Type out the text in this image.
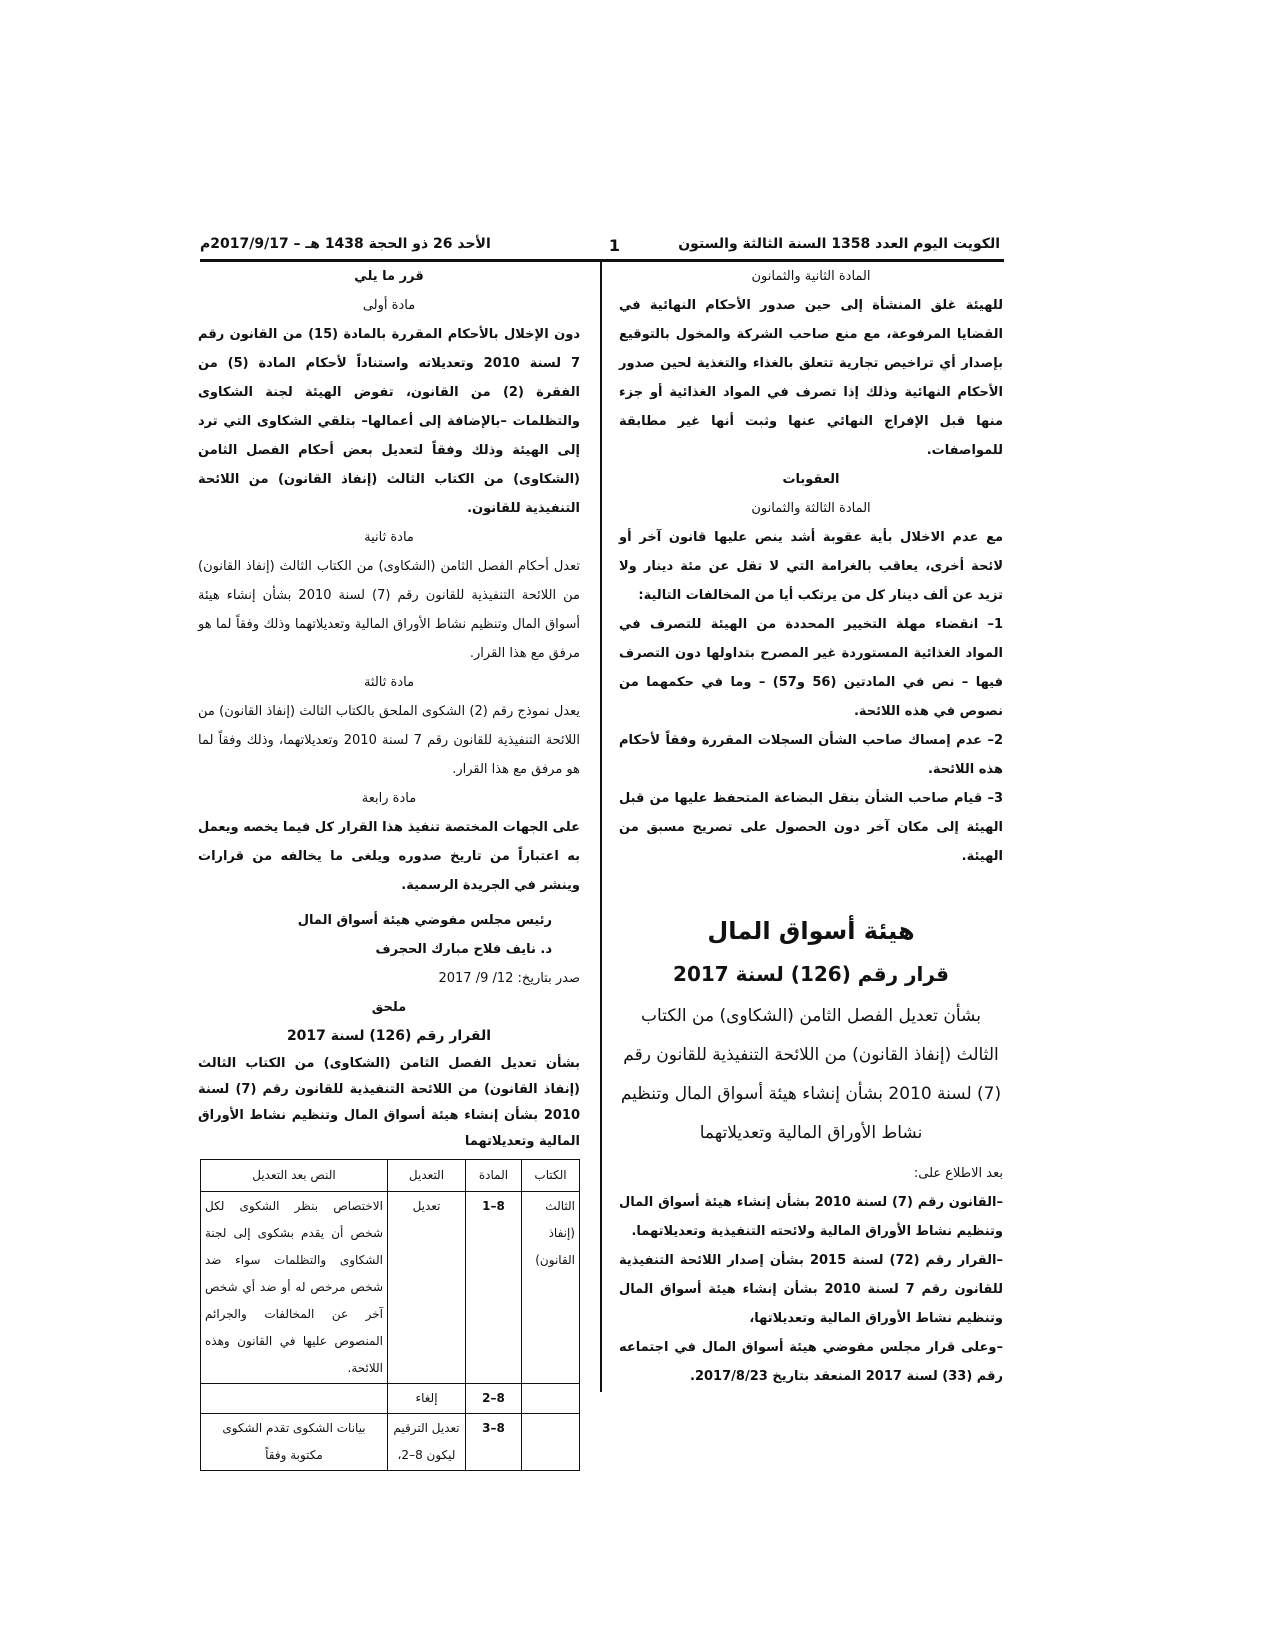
الكويت اليوم العدد 1358 السنة الثالثة والستون
1
الأحد 26 ذو الحجة 1438 هـ – 2017/9/17م

المادة الثانية والثمانون

للهيئة غلق المنشأة إلى حين صدور الأحكام النهائية في القضايا المرفوعة، مع منع صاحب الشركة والمخول بالتوقيع بإصدار أي تراخيص تجارية تتعلق بالغذاء والتغذية لحين صدور الأحكام النهائية وذلك إذا تصرف في المواد الغذائية أو جزء منها قبل الإفراج النهائي عنها وثبت أنها غير مطابقة للمواصفات.

العقوبات

المادة الثالثة والثمانون

مع عدم الاخلال بأية عقوبة أشد ينص عليها قانون آخر أو لائحة أخرى، يعاقب بالغرامة التي لا تقل عن مئة دينار ولا تزيد عن ألف دينار كل من يرتكب أيا من المخالفات التالية:

1– انقضاء مهلة التخيير المحددة من الهيئة للتصرف في المواد الغذائية المستوردة غير المصرح بتداولها دون التصرف فيها – نص في المادتين (56 و57) – وما في حكمهما من نصوص في هذه اللائحة.

2– عدم إمساك صاحب الشأن السجلات المقررة وفقاً لأحكام هذه اللائحة.

3– قيام صاحب الشأن بنقل البضاعة المتحفظ عليها من قبل الهيئة إلى مكان آخر دون الحصول على تصريح مسبق من الهيئة.

هيئة أسواق المال

قرار رقم (126) لسنة 2017

بشأن تعديل الفصل الثامن (الشكاوى) من الكتاب الثالث (إنفاذ القانون) من اللائحة التنفيذية للقانون رقم (7) لسنة 2010 بشأن إنشاء هيئة أسواق المال وتنظيم نشاط الأوراق المالية وتعديلاتهما

بعد الاطلاع على:

–القانون رقم (7) لسنة 2010 بشأن إنشاء هيئة أسواق المال وتنظيم نشاط الأوراق المالية ولائحته التنفيذية وتعديلاتهما.

–القرار رقم (72) لسنة 2015 بشأن إصدار اللائحة التنفيذية للقانون رقم 7 لسنة 2010 بشأن إنشاء هيئة أسواق المال وتنظيم نشاط الأوراق المالية وتعديلاتها،

–وعلى قرار مجلس مفوضي هيئة أسواق المال في اجتماعه رقم (33) لسنة 2017 المنعقد بتاريخ 2017/8/23.

قرر ما يلي

مادة أولى

دون الإخلال بالأحكام المقررة بالمادة (15) من القانون رقم 7 لسنة 2010 وتعديلاته واستناداً لأحكام المادة (5) من الفقرة (2) من القانون، تفوض الهيئة لجنة الشكاوى والتظلمات –بالإضافة إلى أعمالها– بتلقي الشكاوى التي ترد إلى الهيئة وذلك وفقاً لتعديل بعض أحكام الفصل الثامن (الشكاوى) من الكتاب الثالث (إنفاذ القانون) من اللائحة التنفيذية للقانون.

مادة ثانية

تعدل أحكام الفصل الثامن (الشكاوى) من الكتاب الثالث (إنفاذ القانون) من اللائحة التنفيذية للقانون رقم (7) لسنة 2010 بشأن إنشاء هيئة أسواق المال وتنظيم نشاط الأوراق المالية وتعديلاتهما وذلك وفقاً لما هو مرفق مع هذا القرار.

مادة ثالثة

يعدل نموذج رقم (2) الشكوى الملحق بالكتاب الثالث (إنفاذ القانون) من اللائحة التنفيذية للقانون رقم 7 لسنة 2010 وتعديلاتهما، وذلك وفقاً لما هو مرفق مع هذا القرار.

مادة رابعة

على الجهات المختصة تنفيذ هذا القرار كل فيما يخصه ويعمل به اعتباراً من تاريخ صدوره ويلغى ما يخالفه من قرارات وينشر في الجريدة الرسمية.

رئيس مجلس مفوضي هيئة أسواق المال

د. نايف فلاح مبارك الحجرف

صدر بتاريخ: 12/ 9/ 2017

ملحق

القرار رقم (126) لسنة 2017

بشأن تعديل الفصل الثامن (الشكاوى) من الكتاب الثالث (إنفاذ القانون) من اللائحة التنفيذية للقانون رقم (7) لسنة 2010 بشأن إنشاء هيئة أسواق المال وتنظيم نشاط الأوراق المالية وتعديلاتهما

الكتاب	المادة	التعديل	النص بعد التعديل
الثالث (إنفاذ القانون)	8–1	تعديل	الاختصاص بنظر الشكوى لكل شخص أن يقدم بشكوى إلى لجنة الشكاوى والتظلمات سواء ضد شخص مرخص له أو ضد أي شخص آخر عن المخالفات والجرائم المنصوص عليها في القانون وهذه اللائحة.
	8–2	إلغاء	
	8–3	تعديل الترقيم ليكون 8–2،	بيانات الشكوى تقدم الشكوى مكتوبة وفقاً
